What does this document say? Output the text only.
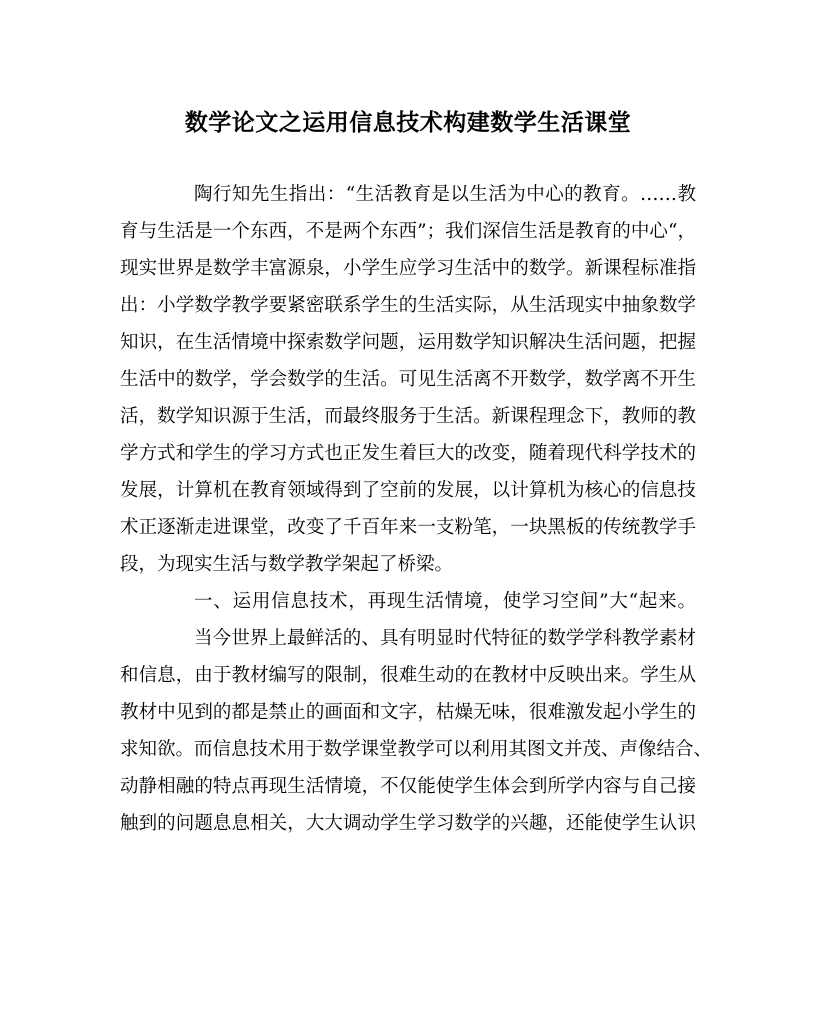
数学论文之运用信息技术构建数学生活课堂
陶行知先生指出：“生活教育是以生活为中心的教育。……教
育与生活是一个东西，不是两个东西”；我们深信生活是教育的中心“，
现实世界是数学丰富源泉，小学生应学习生活中的数学。新课程标准指
出：小学数学教学要紧密联系学生的生活实际，从生活现实中抽象数学
知识，在生活情境中探索数学问题，运用数学知识解决生活问题，把握
生活中的数学，学会数学的生活。可见生活离不开数学，数学离不开生
活，数学知识源于生活，而最终服务于生活。新课程理念下，教师的教
学方式和学生的学习方式也正发生着巨大的改变，随着现代科学技术的
发展，计算机在教育领域得到了空前的发展，以计算机为核心的信息技
术正逐渐走进课堂，改变了千百年来一支粉笔，一块黑板的传统教学手
段，为现实生活与数学教学架起了桥梁。
一、运用信息技术，再现生活情境，使学习空间”大“起来。
当今世界上最鲜活的、具有明显时代特征的数学学科教学素材
和信息，由于教材编写的限制，很难生动的在教材中反映出来。学生从
教材中见到的都是禁止的画面和文字，枯燥无味，很难激发起小学生的
求知欲。而信息技术用于数学课堂教学可以利用其图文并茂、声像结合、
动静相融的特点再现生活情境，不仅能使学生体会到所学内容与自己接
触到的问题息息相关，大大调动学生学习数学的兴趣，还能使学生认识
